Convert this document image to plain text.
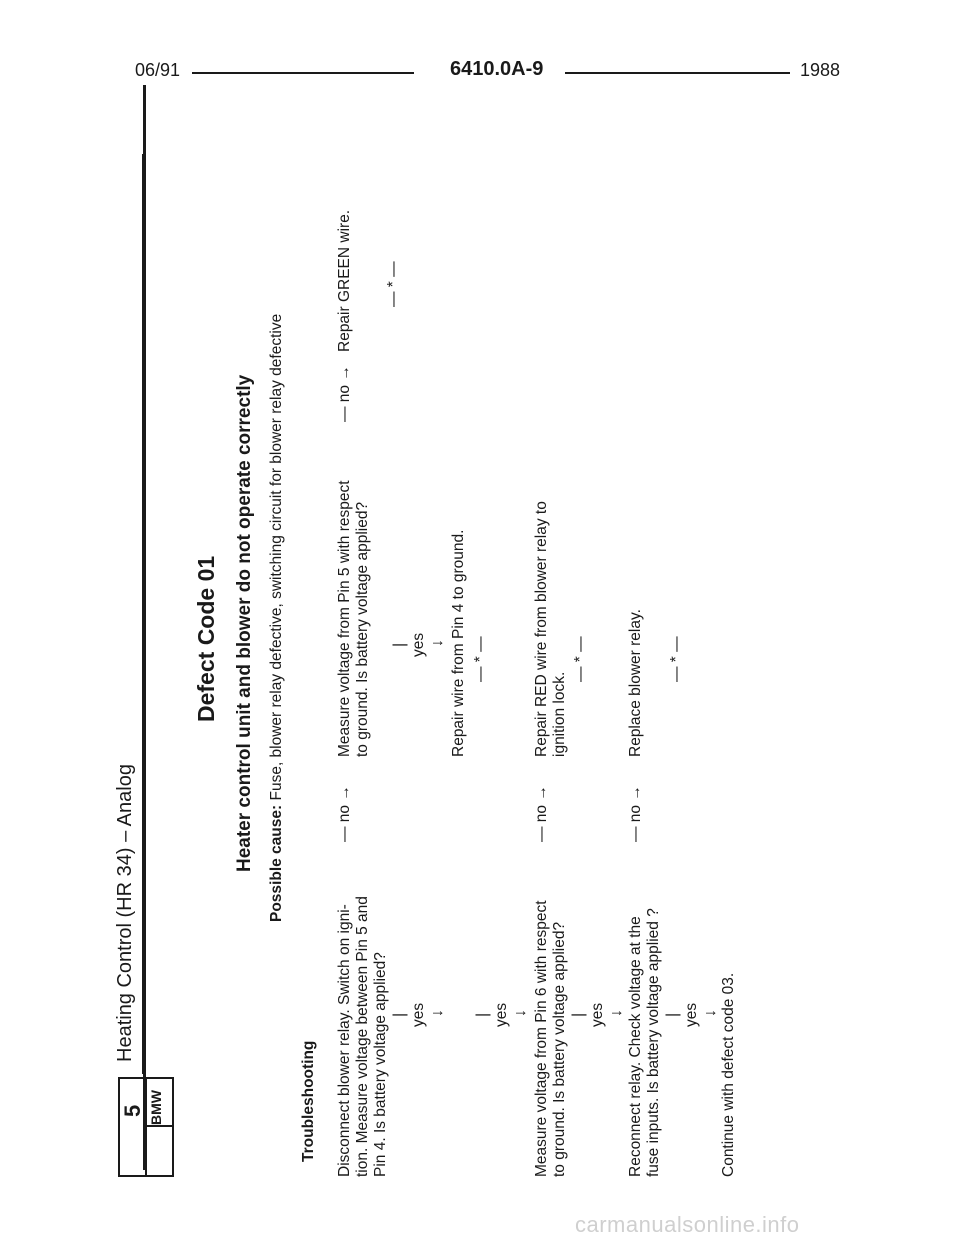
06/91	6410.0A-9	1988
BMW
5
Heating Control (HR 34) – Analog
Defect Code 01 Heater control unit and blower do not operate correctly Possible cause: Fuse, blower relay defective, switching circuit for blower relay defective
Troubleshooting Disconnect blower relay. Switch on igni- tion. Measure voltage between Pin 5 and Pin 4. Is battery voltage applied?
— no →
| yes ↓
Measure voltage from Pin 5 with respect to ground. Is battery voltage applied?
— no →
Repair GREEN wire. — * —
| yes ↓ Repair wire from Pin 4 to ground. — * —
| yes ↓ Measure voltage from Pin 6 with respect to ground. Is battery voltage applied?
— no →
Repair RED wire from blower relay to ignition lock.
— * —
| yes ↓ Reconnect relay. Check voltage at the fuse inputs. Is battery voltage applied ?
— no →
Replace blower relay. — * —
| yes ↓ Continue with defect code 03.
carmanualsonline.info
